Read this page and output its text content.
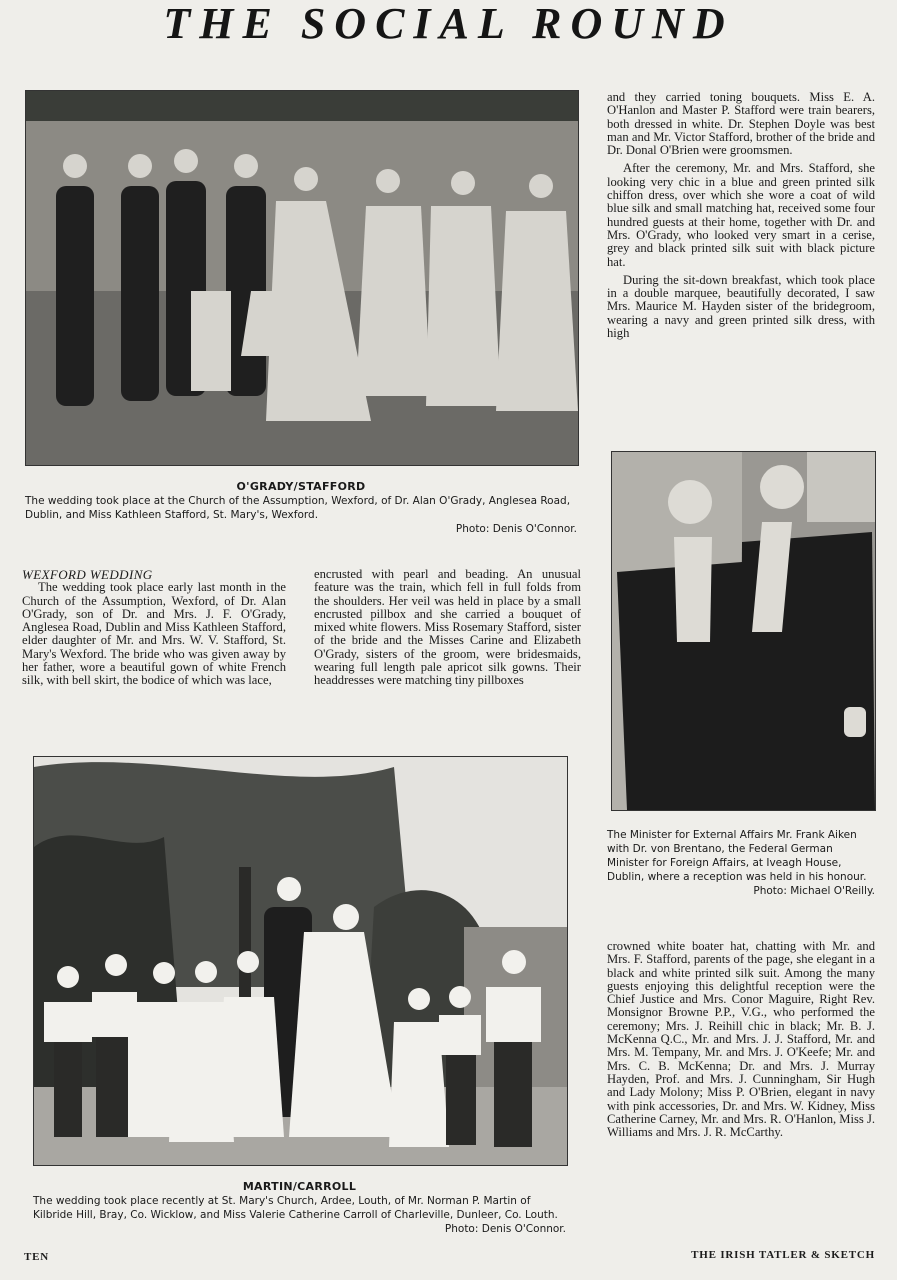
THE SOCIAL ROUND
O'GRADY/STAFFORD
The wedding took place at the Church of the Assumption, Wexford, of Dr. Alan O'Grady, Anglesea Road, Dublin, and Miss Kathleen Stafford, St. Mary's, Wexford.
Photo: Denis O'Connor.
WEXFORD WEDDING

The wedding took place early last month in the Church of the Assumption, Wexford, of Dr. Alan O'Grady, son of Dr. and Mrs. J. F. O'Grady, Anglesea Road, Dublin and Miss Kathleen Stafford, elder daughter of Mr. and Mrs. W. V. Stafford, St. Mary's Wexford. The bride who was given away by her father, wore a beautiful gown of white French silk, with bell skirt, the bodice of which was lace,

encrusted with pearl and beading. An unusual feature was the train, which fell in full folds from the shoulders. Her veil was held in place by a small encrusted pillbox and she carried a bouquet of mixed white flowers. Miss Rosemary Stafford, sister of the bride and the Misses Carine and Elizabeth O'Grady, sisters of the groom, were bridesmaids, wearing full length pale apricot silk gowns. Their headdresses were matching tiny pillboxes

and they carried toning bouquets. Miss E. A. O'Hanlon and Master P. Stafford were train bearers, both dressed in white. Dr. Stephen Doyle was best man and Mr. Victor Stafford, brother of the bride and Dr. Donal O'Brien were groomsmen.

After the ceremony, Mr. and Mrs. Stafford, she looking very chic in a blue and green printed silk chiffon dress, over which she wore a coat of wild blue silk and small matching hat, received some four hundred guests at their home, together with Dr. and Mrs. O'Grady, who looked very smart in a cerise, grey and black printed silk suit with black picture hat.

During the sit-down breakfast, which took place in a double marquee, beautifully decorated, I saw Mrs. Maurice M. Hayden sister of the bridegroom, wearing a navy and green printed silk dress, with high

The Minister for External Affairs Mr. Frank Aiken with Dr. von Brentano, the Federal German Minister for Foreign Affairs, at Iveagh House, Dublin, where a reception was held in his honour.
Photo: Michael O'Reilly.

crowned white boater hat, chatting with Mr. and Mrs. F. Stafford, parents of the page, she elegant in a black and white printed silk suit. Among the many guests enjoying this delightful reception were the Chief Justice and Mrs. Conor Maguire, Right Rev. Monsignor Browne P.P., V.G., who performed the ceremony; Mrs. J. Reihill chic in black; Mr. B. J. McKenna Q.C., Mr. and Mrs. J. J. Stafford, Mr. and Mrs. M. Tempany, Mr. and Mrs. J. O'Keefe; Mr. and Mrs. C. B. McKenna; Dr. and Mrs. J. Murray Hayden, Prof. and Mrs. J. Cunningham, Sir Hugh and Lady Molony; Miss P. O'Brien, elegant in navy with pink accessories, Dr. and Mrs. W. Kidney, Miss Catherine Carney, Mr. and Mrs. R. O'Hanlon, Miss J. Williams and Mrs. J. R. McCarthy.

MARTIN/CARROLL
The wedding took place recently at St. Mary's Church, Ardee, Louth, of Mr. Norman P. Martin of Kilbride Hill, Bray, Co. Wicklow, and Miss Valerie Catherine Carroll of Charleville, Dunleer, Co. Louth.
Photo: Denis O'Connor.
TEN	THE IRISH TATLER & SKETCH
